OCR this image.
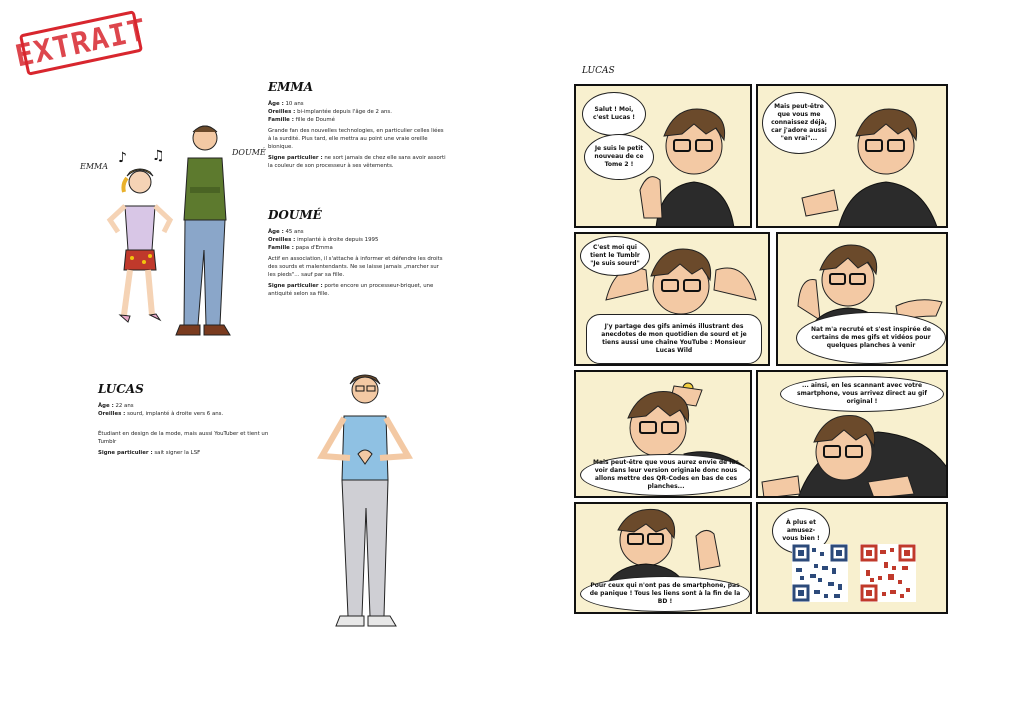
EXTRAIT
♪ ♫
EMMA
DOUMÉ
EMMA

Âge : 10 ans
Oreilles : bi-implantée depuis l'âge de 2 ans.
Famille : fille de Doumé

Grande fan des nouvelles technologies, en particulier celles liées à la surdité. Plus tard, elle mettra au point une vraie oreille bionique.

Signe particulier : ne sort jamais de chez elle sans avoir assorti la couleur de son processeur à ses vêtements.

DOUMÉ

Âge : 45 ans
Oreilles : implanté à droite depuis 1995
Famille : papa d'Emma

Actif en association, il s'attache à informer et défendre les droits des sourds et malentendants. Ne se laisse jamais „marcher sur les pieds"... sauf par sa fille.

Signe particulier : porte encore un processeur-briquet, une antiquité selon sa fille.

LUCAS

Âge : 22 ans
Oreilles : sourd, implanté à droite vers 6 ans.

Étudiant en design de la mode, mais aussi YouTuber et tient un Tumblr

Signe particulier : sait signer la LSF

LUCAS
Salut ! Moi, c'est Lucas !
Je suis le petit nouveau de ce Tome 2 !
Mais peut-être que vous me connaissez déjà, car j'adore aussi "en vrai"...
C'est moi qui tient le Tumblr "Je suis sourd"
J'y partage des gifs animés illustrant des anecdotes de mon quotidien de sourd et je tiens aussi une chaîne YouTube : Monsieur Lucas Wild
Nat m'a recruté et s'est inspirée de certains de mes gifs et vidéos pour quelques planches à venir
Mais peut-être que vous aurez envie de les voir dans leur version originale donc nous allons mettre des QR-Codes en bas de ces planches...
... ainsi, en les scannant avec votre smartphone, vous arrivez direct au gif original !
Pour ceux qui n'ont pas de smartphone, pas de panique ! Tous les liens sont à la fin de la BD !
À plus et amusez-vous bien !
